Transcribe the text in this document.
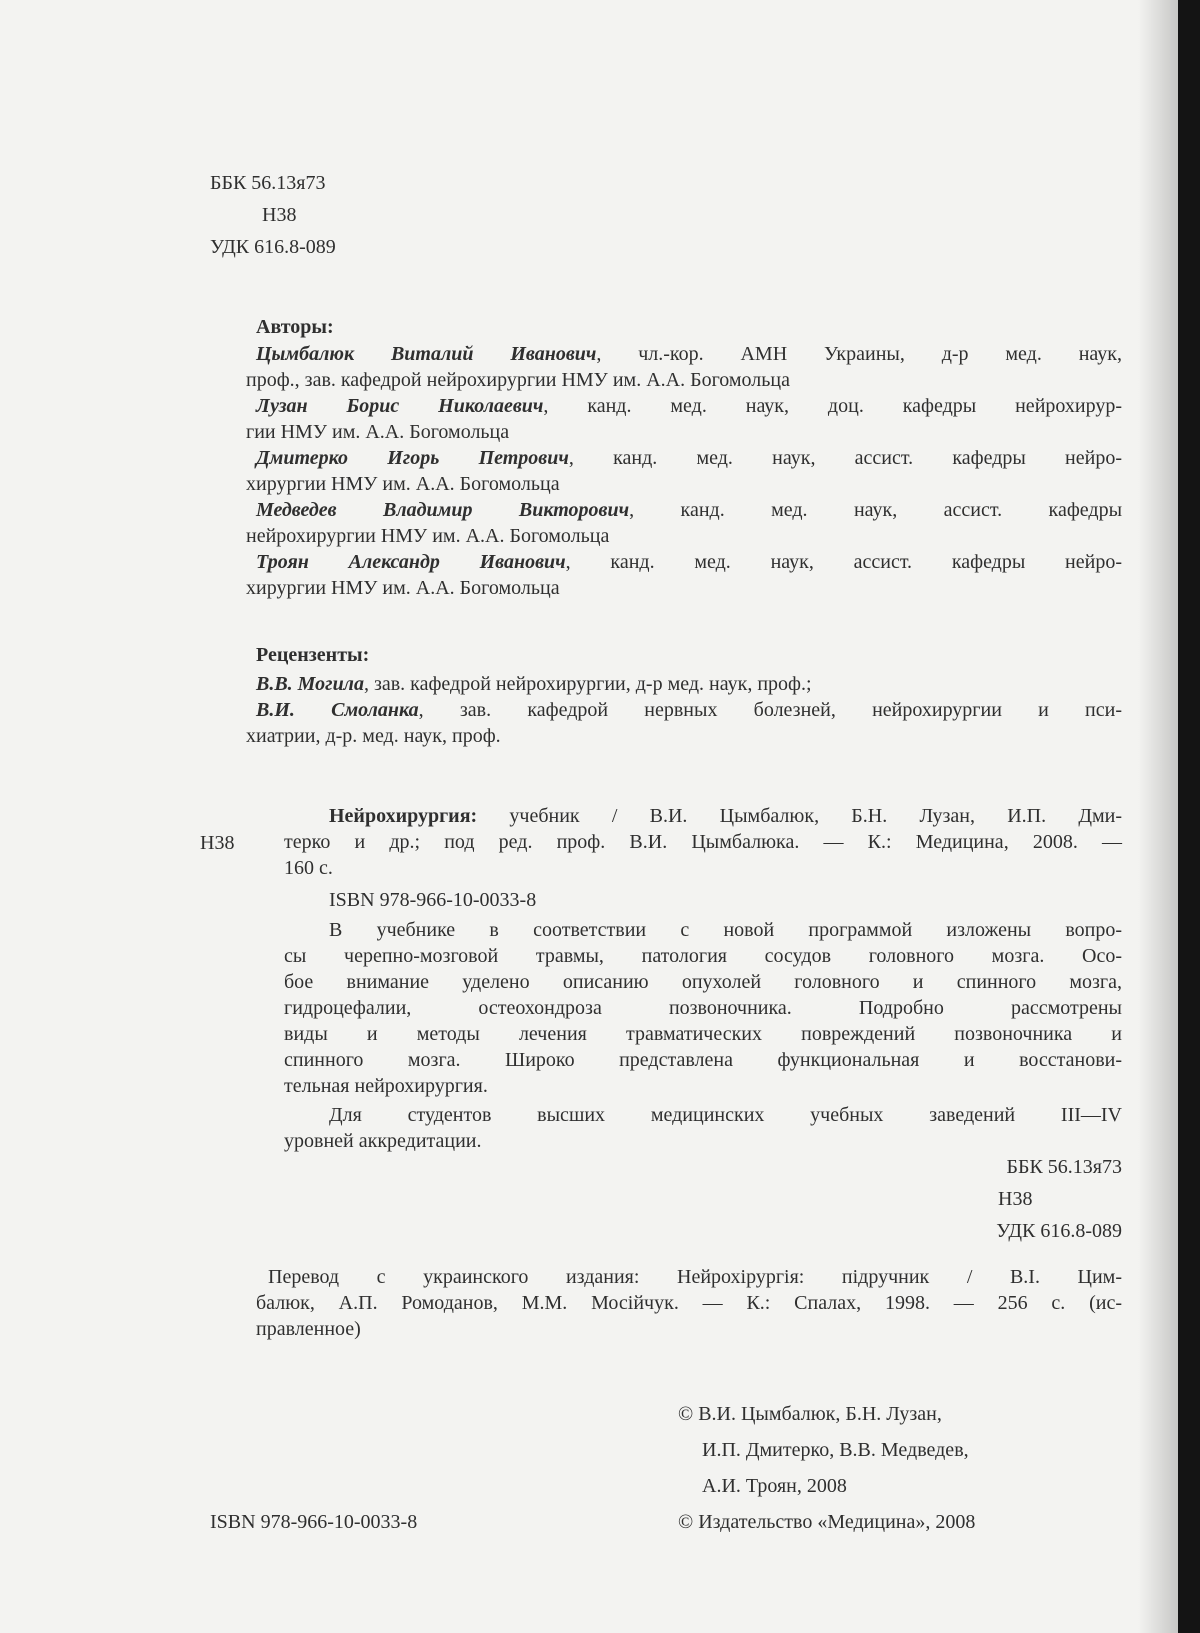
ББК 56.13я73
Н38
УДК 616.8-089
Авторы:
Цымбалюк Виталий Иванович, чл.-кор. АМН Украины, д-р мед. наук,
проф., зав. кафедрой нейрохирургии НМУ им. А.А. Богомольца
Лузан Борис Николаевич, канд. мед. наук, доц. кафедры нейрохирур-
гии НМУ им. А.А. Богомольца
Дмитерко Игорь Петрович, канд. мед. наук, ассист. кафедры нейро-
хирургии НМУ им. А.А. Богомольца
Медведев Владимир Викторович, канд. мед. наук, ассист. кафедры
нейрохирургии НМУ им. А.А. Богомольца
Троян Александр Иванович, канд. мед. наук, ассист. кафедры нейро-
хирургии НМУ им. А.А. Богомольца
Рецензенты:
В.В. Могила, зав. кафедрой нейрохирургии, д-р мед. наук, проф.;
В.И. Смоланка, зав. кафедрой нервных болезней, нейрохирургии и пси-
хиатрии, д-р. мед. наук, проф.
Н38
Нейрохирургия: учебник / В.И. Цымбалюк, Б.Н. Лузан, И.П. Дми-
терко и др.; под ред. проф. В.И. Цымбалюка. — К.: Медицина, 2008. —
160 с.
ISBN 978-966-10-0033-8
В учебнике в соответствии с новой программой изложены вопро-
сы черепно-мозговой травмы, патология сосудов головного мозга. Осо-
бое внимание уделено описанию опухолей головного и спинного мозга,
гидроцефалии, остеохондроза позвоночника. Подробно рассмотрены
виды и методы лечения травматических повреждений позвоночника и
спинного мозга. Широко представлена функциональная и восстанови-
тельная нейрохирургия.
Для студентов высших медицинских учебных заведений III—IV
уровней аккредитации.
ББК 56.13я73
Н38
УДК 616.8-089
Перевод с украинского издания: Нейрохірургія: підручник / В.І. Цим-
балюк, А.П. Ромоданов, М.М. Мосійчук. — К.: Спалах, 1998. — 256 с. (ис-
правленное)
© В.И. Цымбалюк, Б.Н. Лузан,
И.П. Дмитерко, В.В. Медведев,
А.И. Троян, 2008
© Издательство «Медицина», 2008
ISBN 978-966-10-0033-8
